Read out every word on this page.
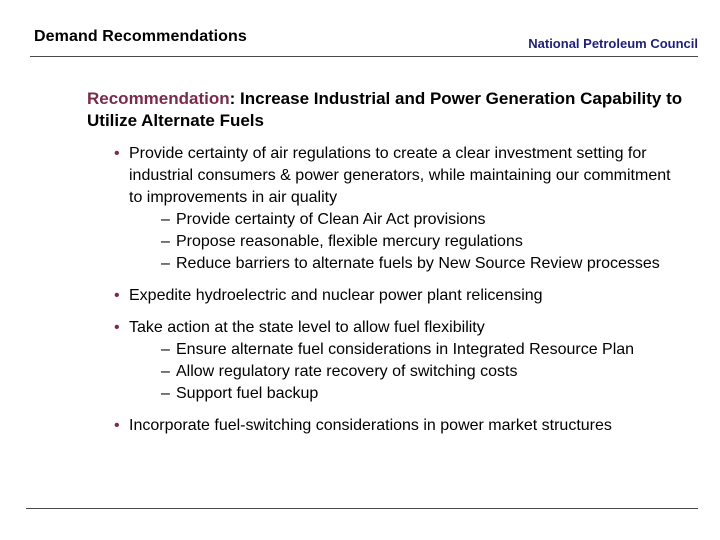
Demand Recommendations	National Petroleum Council
Recommendation: Increase Industrial and Power Generation Capability to Utilize Alternate Fuels
• Provide certainty of air regulations to create a clear investment setting for industrial consumers & power generators, while maintaining our commitment to improvements in air quality
– Provide certainty of Clean Air Act provisions
– Propose reasonable, flexible mercury regulations
– Reduce barriers to alternate fuels by New Source Review processes
• Expedite hydroelectric and nuclear power plant relicensing
• Take action at the state level to allow fuel flexibility
– Ensure alternate fuel considerations in Integrated Resource Plan
– Allow regulatory rate recovery of switching costs
– Support fuel backup
• Incorporate fuel-switching considerations in power market structures
